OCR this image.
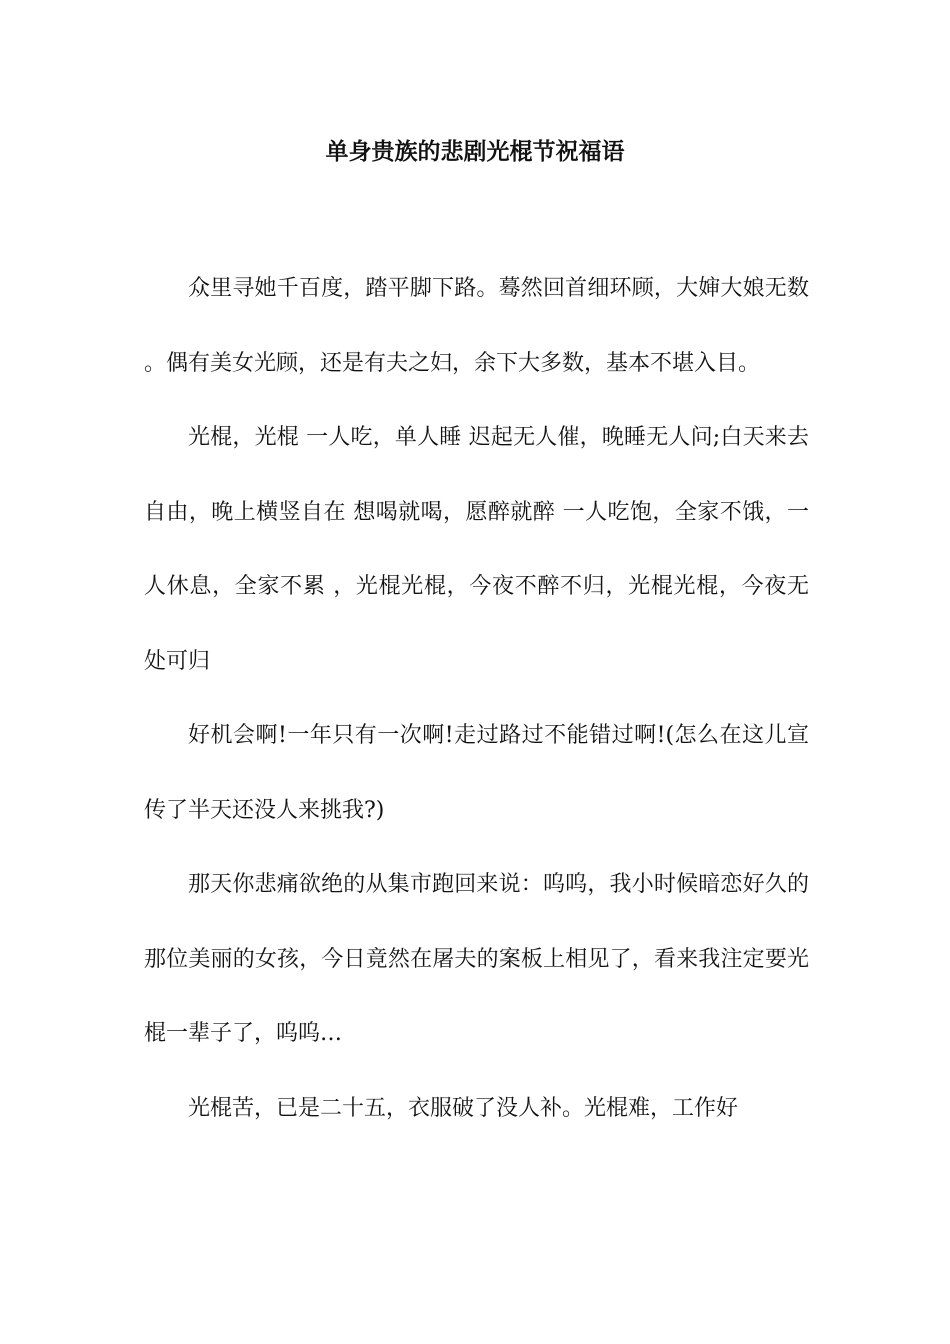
单身贵族的悲剧光棍节祝福语

众里寻她千百度，踏平脚下路。蓦然回首细环顾，大婶大娘无数。偶有美女光顾，还是有夫之妇，余下大多数，基本不堪入目。

光棍，光棍 一人吃，单人睡 迟起无人催，晚睡无人问;白天来去自由，晚上横竖自在 想喝就喝，愿醉就醉 一人吃饱，全家不饿，一人休息，全家不累 ，光棍光棍，今夜不醉不归，光棍光棍，今夜无处可归

好机会啊!一年只有一次啊!走过路过不能错过啊!(怎么在这儿宣传了半天还没人来挑我?)

那天你悲痛欲绝的从集市跑回来说：呜呜，我小时候暗恋好久的那位美丽的女孩，今日竟然在屠夫的案板上相见了，看来我注定要光棍一辈子了，呜呜…

光棍苦，已是二十五，衣服破了没人补。光棍难，工作好
